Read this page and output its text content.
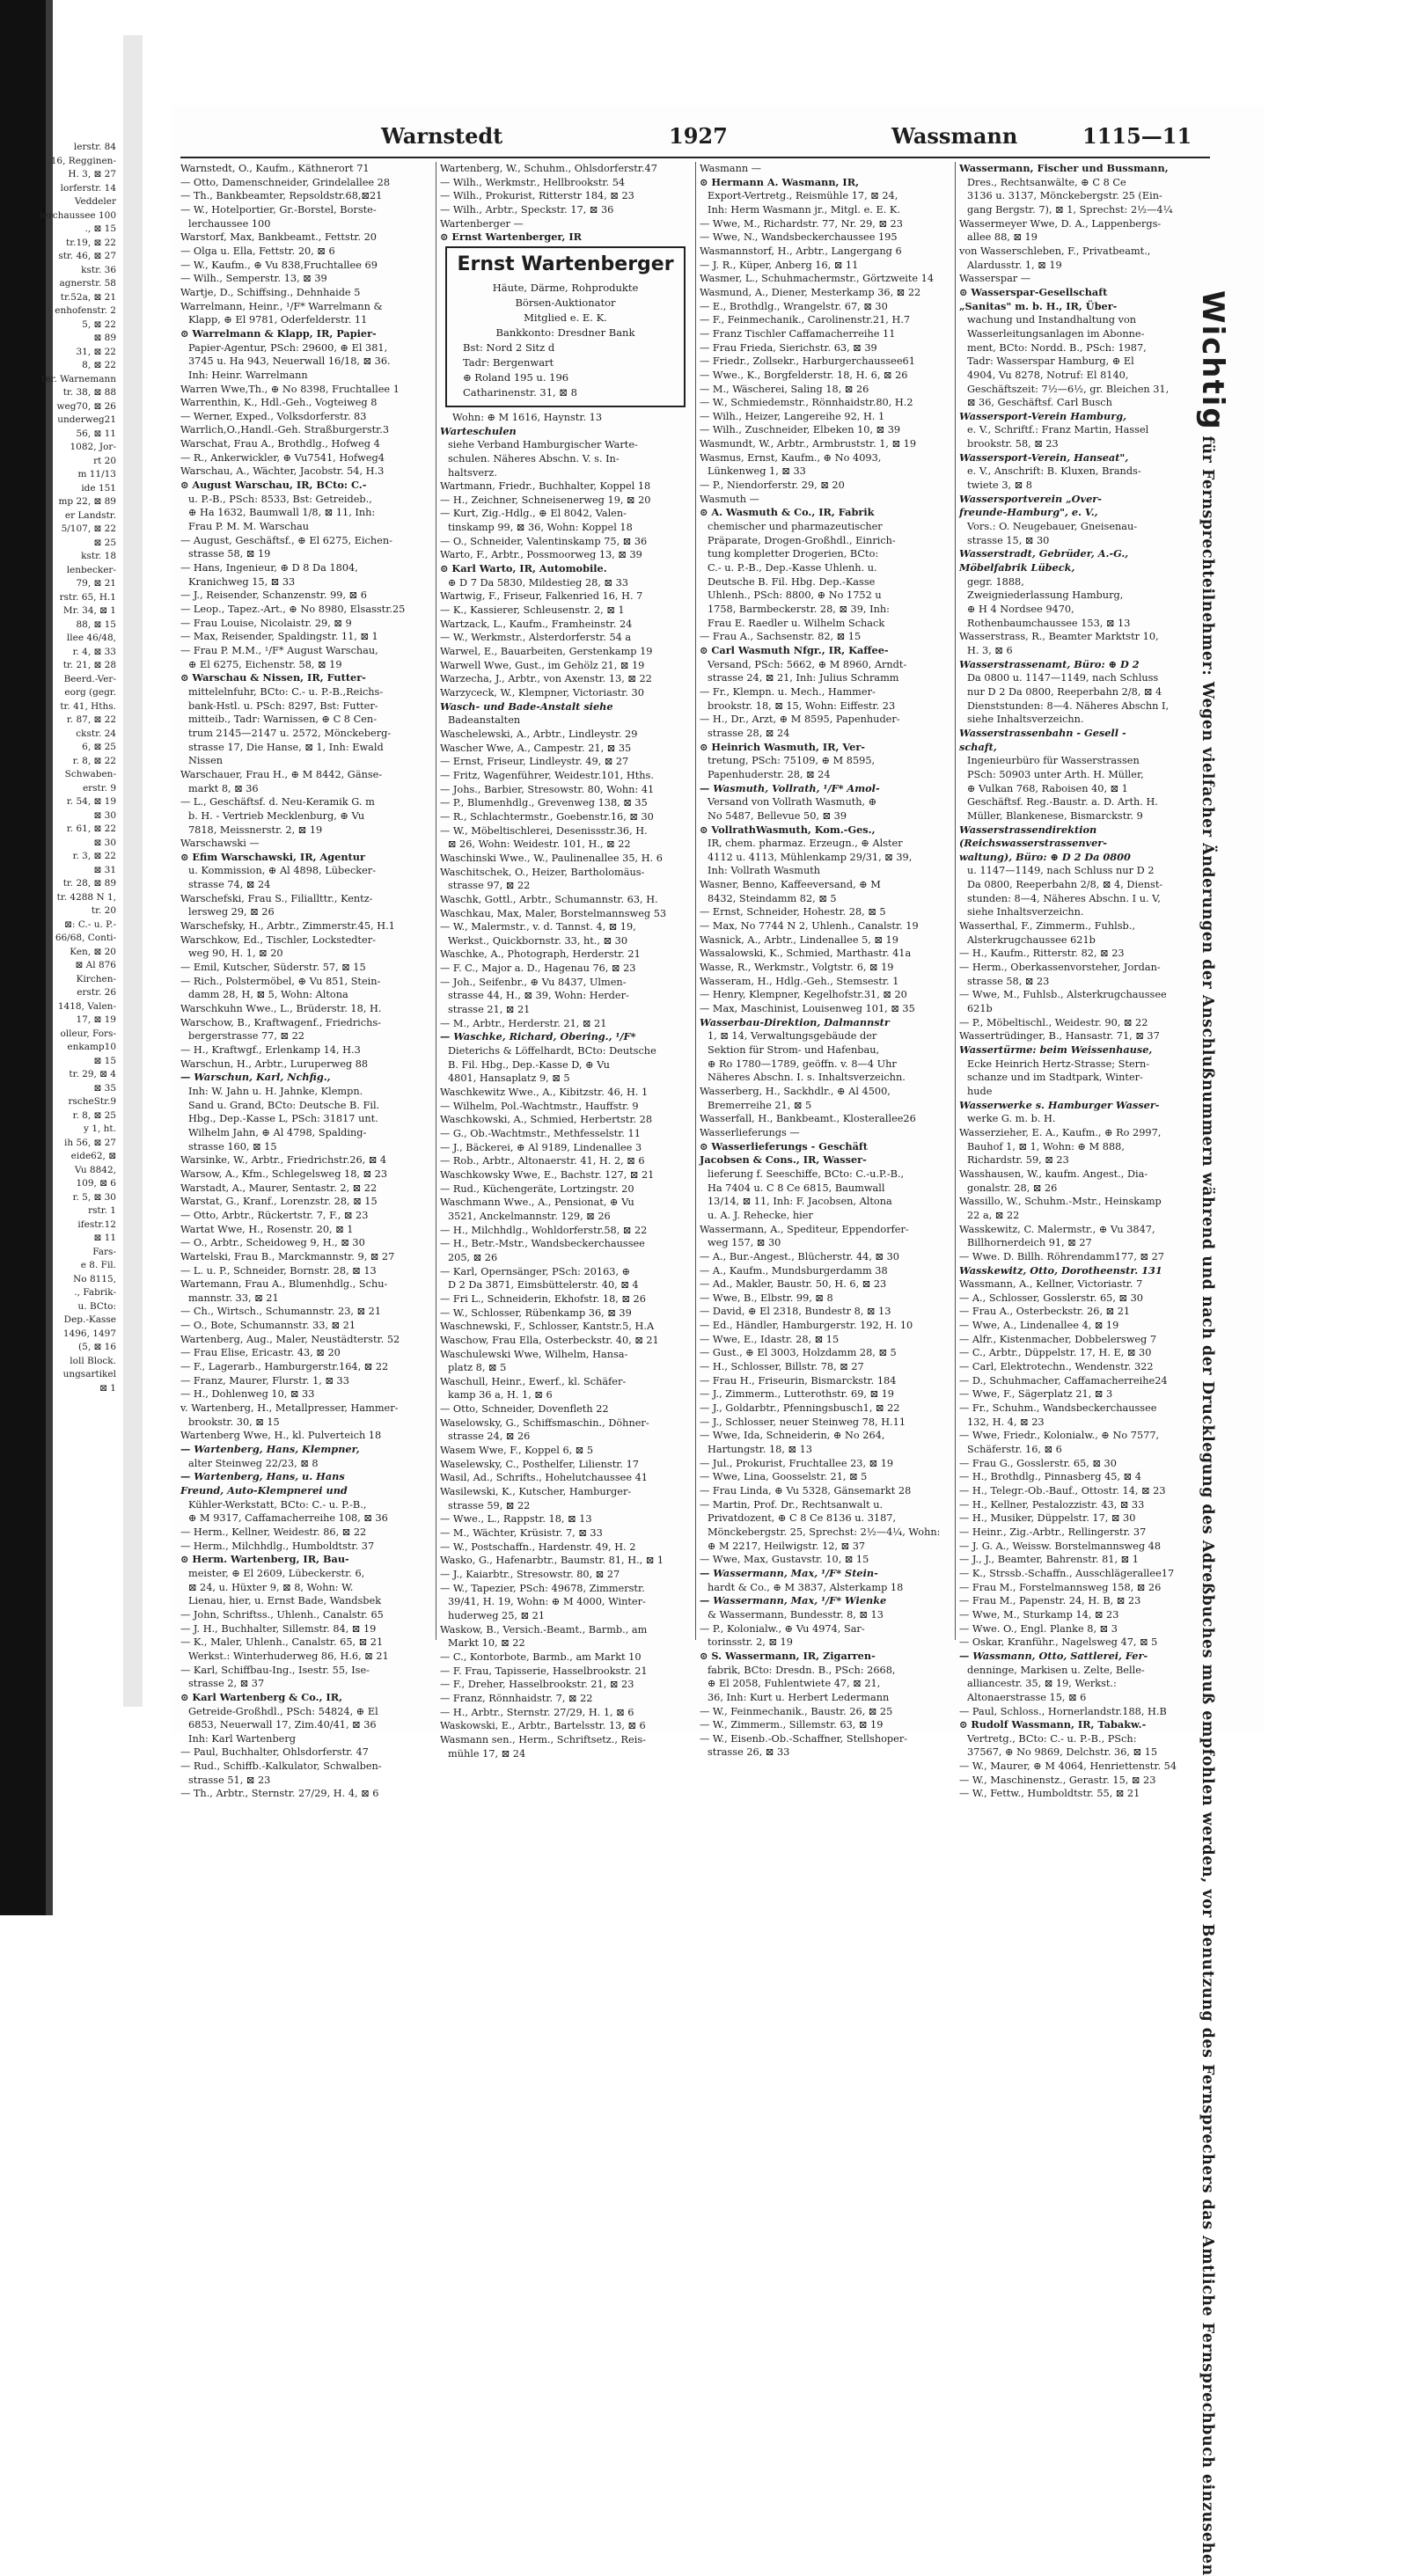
lerstr. 84
16, Regginen-
H. 3, ⊠ 27
lorferstr. 14
Veddeler
lerchaussee 100
., ⊠ 15
tr.19, ⊠ 22
str. 46, ⊠ 27
kstr. 36
agnerstr. 58
tr.52a, ⊠ 21
enhofenstr. 2
5, ⊠ 22
⊠ 89
31, ⊠ 22
8, ⊠ 22
ter. Warnemann
tr. 38, ⊠ 88
weg70, ⊠ 26
underweg21
56, ⊠ 11
1082, Jor-
rt 20
m 11/13
ide 151
mp 22, ⊠ 89
er Landstr.
5/107, ⊠ 22
⊠ 25
kstr. 18
lenbecker-
79, ⊠ 21
rstr. 65, H.1
Mr. 34, ⊠ 1
88, ⊠ 15
llee 46/48,
r. 4, ⊠ 33
tr. 21, ⊠ 28
Beerd.-Ver-
eorg (gegr.
tr. 41, Hths.
r. 87, ⊠ 22
ckstr. 24
6, ⊠ 25
r. 8, ⊠ 22
Schwaben-
erstr. 9
r. 54, ⊠ 19
⊠ 30
r. 61, ⊠ 22
⊠ 30
r. 3, ⊠ 22
⊠ 31
tr. 28, ⊠ 89
tr. 4288 N 1,
tr. 20
⊠: C.- u. P.-
66/68, Conti-
Ken, ⊠ 20
⊠ Al 876
Kirchen-
erstr. 26
1418, Valen-
17, ⊠ 19
olleur, Fors-
enkamp10
⊠ 15
tr. 29, ⊠ 4
⊠ 35
rscheStr.9
r. 8, ⊠ 25
y 1, ht.
ih 56, ⊠ 27
eide62, ⊠
Vu 8842,
109, ⊠ 6
r. 5, ⊠ 30
rstr. 1
ifestr.12
⊠ 11
Fars-
e 8. Fil.
No 8115,
., Fabrik-
u. BCto:
Dep.-Kasse
1496, 1497
(5, ⊠ 16
loll Block.
ungsartikel
⊠ 1
Warnstedt	1927	Wassmann	1115—11
Warnstedt, O., Kaufm., Käthnerort 71
— Otto, Damenschneider, Grindelallee 28
— Th., Bankbeamter, Repsoldstr.68,⊠21
— W., Hotelportier, Gr.-Borstel, Borste-
lerchaussee 100
Warstorf, Max, Bankbeamt., Fettstr. 20
— Olga u. Ella, Fettstr. 20, ⊠ 6
— W., Kaufm., ⊕ Vu 838,Fruchtallee 69
— Wilh., Semperstr. 13, ⊠ 39
Wartje, D., Schiffsing., Dehnhaide 5
Warrelmann, Heinr., ¹/F* Warrelmann &
Klapp, ⊕ El 9781, Oderfelderstr. 11
⊙ Warrelmann & Klapp, IR, Papier-
Papier-Agentur, PSch: 29600, ⊕ El 381,
3745 u. Ha 943, Neuerwall 16/18, ⊠ 36.
Inh: Heinr. Warrelmann
Warren Wwe,Th., ⊕ No 8398, Fruchtallee 1
Warrenthin, K., Hdl.-Geh., Vogteiweg 8
— Werner, Exped., Volksdorferstr. 83
Warrlich,O.,Handl.-Geh. Straßburgerstr.3
Warschat, Frau A., Brothdlg., Hofweg 4
— R., Ankerwickler, ⊕ Vu7541, Hofweg4
Warschau, A., Wächter, Jacobstr. 54, H.3
⊙ August Warschau, IR, BCto: C.-
u. P.-B., PSch: 8533, Bst: Getreideb.,
⊕ Ha 1632, Baumwall 1/8, ⊠ 11, Inh:
Frau P. M. M. Warschau
— August, Geschäftsf., ⊕ El 6275, Eichen-
strasse 58, ⊠ 19
— Hans, Ingenieur, ⊕ D 8 Da 1804,
Kranichweg 15, ⊠ 33
— J., Reisender, Schanzenstr. 99, ⊠ 6
— Leop., Tapez.-Art., ⊕ No 8980, Elsasstr.25
— Frau Louise, Nicolaistr. 29, ⊠ 9
— Max, Reisender, Spaldingstr. 11, ⊠ 1
— Frau P. M.M., ¹/F* August Warschau,
⊕ El 6275, Eichenstr. 58, ⊠ 19
⊙ Warschau & Nissen, IR, Futter-
mittelelnfuhr, BCto: C.- u. P.-B.,Reichs-
bank-Hstl. u. PSch: 8297, Bst: Futter-
mitteib., Tadr: Warnissen, ⊕ C 8 Cen-
trum 2145—2147 u. 2572, Mönckeberg-
strasse 17, Die Hanse, ⊠ 1, Inh: Ewald
Nissen
Warschauer, Frau H., ⊕ M 8442, Gänse-
markt 8, ⊠ 36
— L., Geschäftsf. d. Neu-Keramik G. m
b. H. - Vertrieb Mecklenburg, ⊕ Vu
7818, Meissnerstr. 2, ⊠ 19
Warschawski —
⊙ Efim Warschawski, IR, Agentur
u. Kommission, ⊕ Al 4898, Lübecker-
strasse 74, ⊠ 24
Warschefski, Frau S., Filiallttr., Kentz-
lersweg 29, ⊠ 26
Warschefsky, H., Arbtr., Zimmerstr.45, H.1
Warschkow, Ed., Tischler, Lockstedter-
weg 90, H. 1, ⊠ 20
— Emil, Kutscher, Süderstr. 57, ⊠ 15
— Rich., Polstermöbel, ⊕ Vu 851, Stein-
damm 28, H, ⊠ 5, Wohn: Altona
Warschkuhn Wwe., L., Brüderstr. 18, H.
Warschow, B., Kraftwagenf., Friedrichs-
bergerstrasse 77, ⊠ 22
— H., Kraftwgf., Erlenkamp 14, H.3
Warschun, H., Arbtr., Luruperweg 88
— Warschun, Karl, Nchfig.,
Inh: W. Jahn u. H. Jahnke, Klempn.
Sand u. Grand, BCto: Deutsche B. Fil.
Hbg., Dep.-Kasse L, PSch: 31817 unt.
Wilhelm Jahn, ⊕ Al 4798, Spalding-
strasse 160, ⊠ 15
Warsinke, W., Arbtr., Friedrichstr.26, ⊠ 4
Warsow, A., Kfm., Schlegelsweg 18, ⊠ 23
Warstadt, A., Maurer, Sentastr. 2, ⊠ 22
Warstat, G., Kranf., Lorenzstr. 28, ⊠ 15
— Otto, Arbtr., Rückertstr. 7, F., ⊠ 23
Wartat Wwe, H., Rosenstr. 20, ⊠ 1
— O., Arbtr., Scheidoweg 9, H., ⊠ 30
Wartelski, Frau B., Marckmannstr. 9, ⊠ 27
— L. u. P., Schneider, Bornstr. 28, ⊠ 13
Wartemann, Frau A., Blumenhdlg., Schu-
mannstr. 33, ⊠ 21
— Ch., Wirtsch., Schumannstr. 23, ⊠ 21
— O., Bote, Schumannstr. 33, ⊠ 21
Wartenberg, Aug., Maler, Neustädterstr. 52
— Frau Elise, Ericastr. 43, ⊠ 20
— F., Lagerarb., Hamburgerstr.164, ⊠ 22
— Franz, Maurer, Flurstr. 1, ⊠ 33
— H., Dohlenweg 10, ⊠ 33
v. Wartenberg, H., Metallpresser, Hammer-
brookstr. 30, ⊠ 15
Wartenberg Wwe, H., kl. Pulverteich 18
— Wartenberg, Hans, Klempner,
alter Steinweg 22/23, ⊠ 8
— Wartenberg, Hans, u. Hans
Freund, Auto-Klempnerei und
Kühler-Werkstatt, BCto: C.- u. P.-B.,
⊕ M 9317, Caffamacherreihe 108, ⊠ 36
— Herm., Kellner, Weidestr. 86, ⊠ 22
— Herm., Milchhdlg., Humboldtstr. 37
⊙ Herm. Wartenberg, IR, Bau-
meister, ⊕ El 2609, Lübeckerstr. 6,
⊠ 24, u. Hüxter 9, ⊠ 8, Wohn: W.
Lienau, hier, u. Ernst Bade, Wandsbek
— John, Schriftss., Uhlenh., Canalstr. 65
— J. H., Buchhalter, Sillemstr. 84, ⊠ 19
— K., Maler, Uhlenh., Canalstr. 65, ⊠ 21
Werkst.: Winterhuderweg 86, H.6, ⊠ 21
— Karl, Schiffbau-Ing., Isestr. 55, Ise-
strasse 2, ⊠ 37
⊙ Karl Wartenberg & Co., IR,
Getreide-Großhdl., PSch: 54824, ⊕ El
6853, Neuerwall 17, Zim.40/41, ⊠ 36
Inh: Karl Wartenberg
— Paul, Buchhalter, Ohlsdorferstr. 47
— Rud., Schiffb.-Kalkulator, Schwalben-
strasse 51, ⊠ 23
— Th., Arbtr., Sternstr. 27/29, H. 4, ⊠ 6
Wartenberg, W., Schuhm., Ohlsdorferstr.47
— Wilh., Werkmstr., Hellbrookstr. 54
— Wilh., Prokurist, Ritterstr 184, ⊠ 23
— Wilh., Arbtr., Speckstr. 17, ⊠ 36
Wartenberger —
⊙ Ernst Wartenberger, IR
Ernst Wartenberger
Häute, Därme, Rohprodukte
Börsen-Auktionator
Mitglied e. E. K.
Bankkonto: Dresdner Bank
Bst: Nord 2 Sitz d
Tadr: Bergenwart
⊕ Roland 195 u. 196
Catharinenstr. 31, ⊠ 8
Wohn: ⊕ M 1616, Haynstr. 13
Warteschulen
siehe Verband Hamburgischer Warte-
schulen. Näheres Abschn. V. s. In-
haltsverz.
Wartmann, Friedr., Buchhalter, Koppel 18
— H., Zeichner, Schneisenerweg 19, ⊠ 20
— Kurt, Zig.-Hdlg., ⊕ El 8042, Valen-
tinskamp 99, ⊠ 36, Wohn: Koppel 18
— O., Schneider, Valentinskamp 75, ⊠ 36
Warto, F., Arbtr., Possmoorweg 13, ⊠ 39
⊙ Karl Warto, IR, Automobile.
⊕ D 7 Da 5830, Mildestieg 28, ⊠ 33
Wartwig, F., Friseur, Falkenried 16, H. 7
— K., Kassierer, Schleusenstr. 2, ⊠ 1
Wartzack, L., Kaufm., Framheinstr. 24
— W., Werkmstr., Alsterdorferstr. 54 a
Warwel, E., Bauarbeiten, Gerstenkamp 19
Warwell Wwe, Gust., im Gehölz 21, ⊠ 19
Warzecha, J., Arbtr., von Axenstr. 13, ⊠ 22
Warzyceck, W., Klempner, Victoriastr. 30
Wasch- und Bade-Anstalt siehe
Badeanstalten
Waschelewski, A., Arbtr., Lindleystr. 29
Wascher Wwe, A., Campestr. 21, ⊠ 35
— Ernst, Friseur, Lindleystr. 49, ⊠ 27
— Fritz, Wagenführer, Weidestr.101, Hths.
— Johs., Barbier, Stresowstr. 80, Wohn: 41
— P., Blumenhdlg., Grevenweg 138, ⊠ 35
— R., Schlachtermstr., Goebenstr.16, ⊠ 30
— W., Möbeltischlerei, Desenissstr.36, H.
⊠ 26, Wohn: Weidestr. 101, H., ⊠ 22
Waschinski Wwe., W., Paulinenallee 35, H. 6
Waschitschek, O., Heizer, Bartholomäus-
strasse 97, ⊠ 22
Waschk, Gottl., Arbtr., Schumannstr. 63, H.
Waschkau, Max, Maler, Borstelmannsweg 53
— W., Malermstr., v. d. Tannst. 4, ⊠ 19,
Werkst., Quickbornstr. 33, ht., ⊠ 30
Waschke, A., Photograph, Herderstr. 21
— F. C., Major a. D., Hagenau 76, ⊠ 23
— Joh., Seifenbr., ⊕ Vu 8437, Ulmen-
strasse 44, H., ⊠ 39, Wohn: Herder-
strasse 21, ⊠ 21
— M., Arbtr., Herderstr. 21, ⊠ 21
— Waschke, Richard, Obering., ¹/F*
Dieterichs & Löffelhardt, BCto: Deutsche
B. Fil. Hbg., Dep.-Kasse D, ⊕ Vu
4801, Hansaplatz 9, ⊠ 5
Waschkewitz Wwe., A., Kibitzstr. 46, H. 1
— Wilhelm, Pol.-Wachtmstr., Hauffstr. 9
Waschkowski, A., Schmied, Herbertstr. 28
— G., Ob.-Wachtmstr., Methfesselstr. 11
— J., Bäckerei, ⊕ Al 9189, Lindenallee 3
— Rob., Arbtr., Altonaerstr. 41, H. 2, ⊠ 6
Waschkowsky Wwe, E., Bachstr. 127, ⊠ 21
— Rud., Küchengeräte, Lortzingstr. 20
Waschmann Wwe., A., Pensionat, ⊕ Vu
3521, Anckelmannstr. 129, ⊠ 26
— H., Milchhdlg., Wohldorferstr.58, ⊠ 22
— H., Betr.-Mstr., Wandsbeckerchaussee
205, ⊠ 26
— Karl, Opernsänger, PSch: 20163, ⊕
D 2 Da 3871, Eimsbüttelerstr. 40, ⊠ 4
— Fri L., Schneiderin, Ekhofstr. 18, ⊠ 26
— W., Schlosser, Rübenkamp 36, ⊠ 39
Waschnewski, F., Schlosser, Kantstr.5, H.A
Waschow, Frau Ella, Osterbeckstr. 40, ⊠ 21
Waschulewski Wwe, Wilhelm, Hansa-
platz 8, ⊠ 5
Waschull, Heinr., Ewerf., kl. Schäfer-
kamp 36 a, H. 1, ⊠ 6
— Otto, Schneider, Dovenfleth 22
Waselowsky, G., Schiffsmaschin., Döhner-
strasse 24, ⊠ 26
Wasem Wwe, F., Koppel 6, ⊠ 5
Waselewsky, C., Posthelfer, Lilienstr. 17
Wasil, Ad., Schrifts., Hohelutchaussee 41
Wasilewski, K., Kutscher, Hamburger-
strasse 59, ⊠ 22
— Wwe., L., Rappstr. 18, ⊠ 13
— M., Wächter, Krüsistr. 7, ⊠ 33
— W., Postschaffn., Hardenstr. 49, H. 2
Wasko, G., Hafenarbtr., Baumstr. 81, H., ⊠ 1
— J., Kaiarbtr., Stresowstr. 80, ⊠ 27
— W., Tapezier, PSch: 49678, Zimmerstr.
39/41, H. 19, Wohn: ⊕ M 4000, Winter-
huderweg 25, ⊠ 21
Waskow, B., Versich.-Beamt., Barmb., am
Markt 10, ⊠ 22
— C., Kontorbote, Barmb., am Markt 10
— F. Frau, Tapisserie, Hasselbrookstr. 21
— F., Dreher, Hasselbrookstr. 21, ⊠ 23
— Franz, Rönnhaidstr. 7, ⊠ 22
— H., Arbtr., Sternstr. 27/29, H. 1, ⊠ 6
Waskowski, E., Arbtr., Bartelsstr. 13, ⊠ 6
Wasmann sen., Herm., Schriftsetz., Reis-
mühle 17, ⊠ 24
Wasmann —
⊙ Hermann A. Wasmann, IR,
Export-Vertretg., Reismühle 17, ⊠ 24,
Inh: Herm Wasmann jr., Mitgl. e. E. K.
— Wwe, M., Richardstr. 77, Nr. 29, ⊠ 23
— Wwe, N., Wandsbeckerchaussee 195
Wasmannstorf, H., Arbtr., Langergang 6
— J. R., Küper, Anberg 16, ⊠ 11
Wasmer, L., Schuhmachermstr., Görtzweite 14
Wasmund, A., Diener, Mesterkamp 36, ⊠ 22
— E., Brothdlg., Wrangelstr. 67, ⊠ 30
— F., Feinmechanik., Carolinenstr.21, H.7
— Franz Tischler Caffamacherreihe 11
— Frau Frieda, Sierichstr. 63, ⊠ 39
— Friedr., Zollsekr., Harburgerchaussee61
— Wwe., K., Borgfelderstr. 18, H. 6, ⊠ 26
— M., Wäscherei, Saling 18, ⊠ 26
— W., Schmiedemstr., Rönnhaidstr.80, H.2
— Wilh., Heizer, Langereihe 92, H. 1
— Wilh., Zuschneider, Elbeken 10, ⊠ 39
Wasmundt, W., Arbtr., Armbruststr. 1, ⊠ 19
Wasmus, Ernst, Kaufm., ⊕ No 4093,
Lünkenweg 1, ⊠ 33
— P., Niendorferstr. 29, ⊠ 20
Wasmuth —
⊙ A. Wasmuth & Co., IR, Fabrik
chemischer und pharmazeutischer
Präparate, Drogen-Großhdl., Einrich-
tung kompletter Drogerien, BCto:
C.- u. P.-B., Dep.-Kasse Uhlenh. u.
Deutsche B. Fil. Hbg. Dep.-Kasse
Uhlenh., PSch: 8800, ⊕ No 1752 u
1758, Barmbeckerstr. 28, ⊠ 39, Inh:
Frau E. Raedler u. Wilhelm Schack
— Frau A., Sachsenstr. 82, ⊠ 15
⊙ Carl Wasmuth Nfgr., IR, Kaffee-
Versand, PSch: 5662, ⊕ M 8960, Arndt-
strasse 24, ⊠ 21, Inh: Julius Schramm
— Fr., Klempn. u. Mech., Hammer-
brookstr. 18, ⊠ 15, Wohn: Eiffestr. 23
— H., Dr., Arzt, ⊕ M 8595, Papenhuder-
strasse 28, ⊠ 24
⊙ Heinrich Wasmuth, IR, Ver-
tretung, PSch: 75109, ⊕ M 8595,
Papenhuderstr. 28, ⊠ 24
— Wasmuth, Vollrath, ¹/F* Amol-
Versand von Vollrath Wasmuth, ⊕
No 5487, Bellevue 50, ⊠ 39
⊙ VollrathWasmuth, Kom.-Ges.,
IR, chem. pharmaz. Erzeugn., ⊕ Alster
4112 u. 4113, Mühlenkamp 29/31, ⊠ 39,
Inh: Vollrath Wasmuth
Wasner, Benno, Kaffeeversand, ⊕ M
8432, Steindamm 82, ⊠ 5
— Ernst, Schneider, Hohestr. 28, ⊠ 5
— Max, No 7744 N 2, Uhlenh., Canalstr. 19
Wasnick, A., Arbtr., Lindenallee 5, ⊠ 19
Wassalowski, K., Schmied, Marthastr. 41a
Wasse, R., Werkmstr., Volgtstr. 6, ⊠ 19
Wasseram, H., Hdlg.-Geh., Stemsestr. 1
— Henry, Klempner, Kegelhofstr.31, ⊠ 20
— Max, Maschinist, Louisenweg 101, ⊠ 35
Wasserbau-Direktion, Dalmannstr
1, ⊠ 14, Verwaltungsgebäude der
Sektion für Strom- und Hafenbau,
⊕ Ro 1780—1789, geöffn. v. 8—4 Uhr
Näheres Abschn. I. s. Inhaltsverzeichn.
Wasserberg, H., Sackhdlr., ⊕ Al 4500,
Bremerreihe 21, ⊠ 5
Wasserfall, H., Bankbeamt., Klosterallee26
Wasserlieferungs —
⊙ Wasserlieferungs - Geschäft
Jacobsen & Cons., IR, Wasser-
lieferung f. Seeschiffe, BCto: C.-u.P.-B.,
Ha 7404 u. C 8 Ce 6815, Baumwall
13/14, ⊠ 11, Inh: F. Jacobsen, Altona
u. A. J. Rehecke, hier
Wassermann, A., Spediteur, Eppendorfer-
weg 157, ⊠ 30
— A., Bur.-Angest., Blücherstr. 44, ⊠ 30
— A., Kaufm., Mundsburgerdamm 38
— Ad., Makler, Baustr. 50, H. 6, ⊠ 23
— Wwe, B., Elbstr. 99, ⊠ 8
— David, ⊕ El 2318, Bundestr 8, ⊠ 13
— Ed., Händler, Hamburgerstr. 192, H. 10
— Wwe, E., Idastr. 28, ⊠ 15
— Gust., ⊕ El 3003, Holzdamm 28, ⊠ 5
— H., Schlosser, Billstr. 78, ⊠ 27
— Frau H., Friseurin, Bismarckstr. 184
— J., Zimmerm., Lutterothstr. 69, ⊠ 19
— J., Goldarbtr., Pfenningsbusch1, ⊠ 22
— J., Schlosser, neuer Steinweg 78, H.11
— Wwe, Ida, Schneiderin, ⊕ No 264,
Hartungstr. 18, ⊠ 13
— Jul., Prokurist, Fruchtallee 23, ⊠ 19
— Wwe, Lina, Goosselstr. 21, ⊠ 5
— Frau Linda, ⊕ Vu 5328, Gänsemarkt 28
— Martin, Prof. Dr., Rechtsanwalt u.
Privatdozent, ⊕ C 8 Ce 8136 u. 3187,
Mönckebergstr. 25, Sprechst: 2½—4¼, Wohn:
⊕ M 2217, Heilwigstr. 12, ⊠ 37
— Wwe, Max, Gustavstr. 10, ⊠ 15
— Wassermann, Max, ¹/F* Stein-
hardt & Co., ⊕ M 3837, Alsterkamp 18
— Wassermann, Max, ¹/F* Wienke
& Wassermann, Bundesstr. 8, ⊠ 13
— P., Kolonialw., ⊕ Vu 4974, Sar-
torinsstr. 2, ⊠ 19
⊙ S. Wassermann, IR, Zigarren-
fabrik, BCto: Dresdn. B., PSch: 2668,
⊕ El 2058, Fuhlentwiete 47, ⊠ 21,
36, Inh: Kurt u. Herbert Ledermann
— W., Feinmechanik., Baustr. 26, ⊠ 25
— W., Zimmerm., Sillemstr. 63, ⊠ 19
— W., Eisenb.-Ob.-Schaffner, Stellshoper-
strasse 26, ⊠ 33
Wassermann, Fischer und Bussmann,
Dres., Rechtsanwälte, ⊕ C 8 Ce
3136 u. 3137, Mönckebergstr. 25 (Ein-
gang Bergstr. 7), ⊠ 1, Sprechst: 2½—4¼
Wassermeyer Wwe, D. A., Lappenbergs-
allee 88, ⊠ 19
von Wasserschleben, F., Privatbeamt.,
Alardusstr. 1, ⊠ 19
Wasserspar —
⊙ Wasserspar-Gesellschaft
„Sanitas" m. b. H., IR, Über-
wachung und Instandhaltung von
Wasserleitungsanlagen im Abonne-
ment, BCto: Nordd. B., PSch: 1987,
Tadr: Wasserspar Hamburg, ⊕ El
4904, Vu 8278, Notruf: El 8140,
Geschäftszeit: 7½—6½, gr. Bleichen 31,
⊠ 36, Geschäftsf. Carl Busch
Wassersport-Verein Hamburg,
e. V., Schriftf.: Franz Martin, Hassel
brookstr. 58, ⊠ 23
Wassersport-Verein, Hanseat",
e. V., Anschrift: B. Kluxen, Brands-
twiete 3, ⊠ 8
Wassersportverein „Over-
freunde-Hamburg", e. V.,
Vors.: O. Neugebauer, Gneisenau-
strasse 15, ⊠ 30
Wasserstradt, Gebrüder, A.-G.,
Möbelfabrik Lübeck,
gegr. 1888,
Zweigniederlassung Hamburg,
⊕ H 4 Nordsee 9470,
Rothenbaumchaussee 153, ⊠ 13
Wasserstrass, R., Beamter Marktstr 10,
H. 3, ⊠ 6
Wasserstrassenamt, Büro: ⊕ D 2
Da 0800 u. 1147—1149, nach Schluss
nur D 2 Da 0800, Reeperbahn 2/8, ⊠ 4
Dienststunden: 8—4. Näheres Abschn I,
siehe Inhaltsverzeichn.
Wasserstrassenbahn - Gesell -
schaft,
Ingenieurbüro für Wasserstrassen
PSch: 50903 unter Arth. H. Müller,
⊕ Vulkan 768, Raboisen 40, ⊠ 1
Geschäftsf. Reg.-Baustr. a. D. Arth. H.
Müller, Blankenese, Bismarckstr. 9
Wasserstrassendirektion
(Reichswasserstrassenver-
waltung), Büro: ⊕ D 2 Da 0800
u. 1147—1149, nach Schluss nur D 2
Da 0800, Reeperbahn 2/8, ⊠ 4, Dienst-
stunden: 8—4, Näheres Abschn. I u. V,
siehe Inhaltsverzeichn.
Wasserthal, F., Zimmerm., Fuhlsb.,
Alsterkrugchaussee 621b
— H., Kaufm., Ritterstr. 82, ⊠ 23
— Herm., Oberkassenvorsteher, Jordan-
strasse 58, ⊠ 23
— Wwe, M., Fuhlsb., Alsterkrugchaussee
621b
— P., Möbeltischl., Weidestr. 90, ⊠ 22
Wassertrüdinger, B., Hansastr. 71, ⊠ 37
Wassertürme: beim Weissenhause,
Ecke Heinrich Hertz-Strasse; Stern-
schanze und im Stadtpark, Winter-
hude
Wasserwerke s. Hamburger Wasser-
werke G. m. b. H.
Wasserzieher, E. A., Kaufm., ⊕ Ro 2997,
Bauhof 1, ⊠ 1, Wohn: ⊕ M 888,
Richardstr. 59, ⊠ 23
Wasshausen, W., kaufm. Angest., Dia-
gonalstr. 28, ⊠ 26
Wassillo, W., Schuhm.-Mstr., Heinskamp
22 a, ⊠ 22
Wasskewitz, C. Malermstr., ⊕ Vu 3847,
Billhornerdeich 91, ⊠ 27
— Wwe. D. Billh. Röhrendamm177, ⊠ 27
Wasskewitz, Otto, Dorotheenstr. 131
Wassmann, A., Kellner, Victoriastr. 7
— A., Schlosser, Gosslerstr. 65, ⊠ 30
— Frau A., Osterbeckstr. 26, ⊠ 21
— Wwe, A., Lindenallee 4, ⊠ 19
— Alfr., Kistenmacher, Dobbelersweg 7
— C., Arbtr., Düppelstr. 17, H. E, ⊠ 30
— Carl, Elektrotechn., Wendenstr. 322
— D., Schuhmacher, Caffamacherreihe24
— Wwe, F., Sägerplatz 21, ⊠ 3
— Fr., Schuhm., Wandsbeckerchaussee
132, H. 4, ⊠ 23
— Wwe, Friedr., Kolonialw., ⊕ No 7577,
Schäferstr. 16, ⊠ 6
— Frau G., Gosslerstr. 65, ⊠ 30
— H., Brothdlg., Pinnasberg 45, ⊠ 4
— H., Telegr.-Ob.-Bauf., Ottostr. 14, ⊠ 23
— H., Kellner, Pestalozzistr. 43, ⊠ 33
— H., Musiker, Düppelstr. 17, ⊠ 30
— Heinr., Zig.-Arbtr., Rellingerstr. 37
— J. G. A., Weissw. Borstelmannsweg 48
— J., J., Beamter, Bahrenstr. 81, ⊠ 1
— K., Strssb.-Schaffn., Ausschlägerallee17
— Frau M., Forstelmannsweg 158, ⊠ 26
— Frau M., Papenstr. 24, H. B, ⊠ 23
— Wwe, M., Sturkamp 14, ⊠ 23
— Wwe. O., Engl. Planke 8, ⊠ 3
— Oskar, Kranführ., Nagelsweg 47, ⊠ 5
— Wassmann, Otto, Sattlerei, Fer-
denninge, Markisen u. Zelte, Belle-
alliancestr. 35, ⊠ 19, Werkst.:
Altonaerstrasse 15, ⊠ 6
— Paul, Schloss., Hornerlandstr.188, H.B
⊙ Rudolf Wassmann, IR, Tabakw.-
Vertretg., BCto: C.- u. P.-B., PSch:
37567, ⊕ No 9869, Delchstr. 36, ⊠ 15
— W., Maurer, ⊕ M 4064, Henriettenstr. 54
— W., Maschinenstz., Gerastr. 15, ⊠ 23
— W., Fettw., Humboldtstr. 55, ⊠ 21
Wichtig für Fernsprechteilnehmer: Wegen vielfacher Änderungen der Anschlußnummern während und nach der Drucklegung des Adreßbuches muß empfohlen werden, vor Benutzung des Fernsprechers das Amtliche Fernsprechbuch einzusehen
